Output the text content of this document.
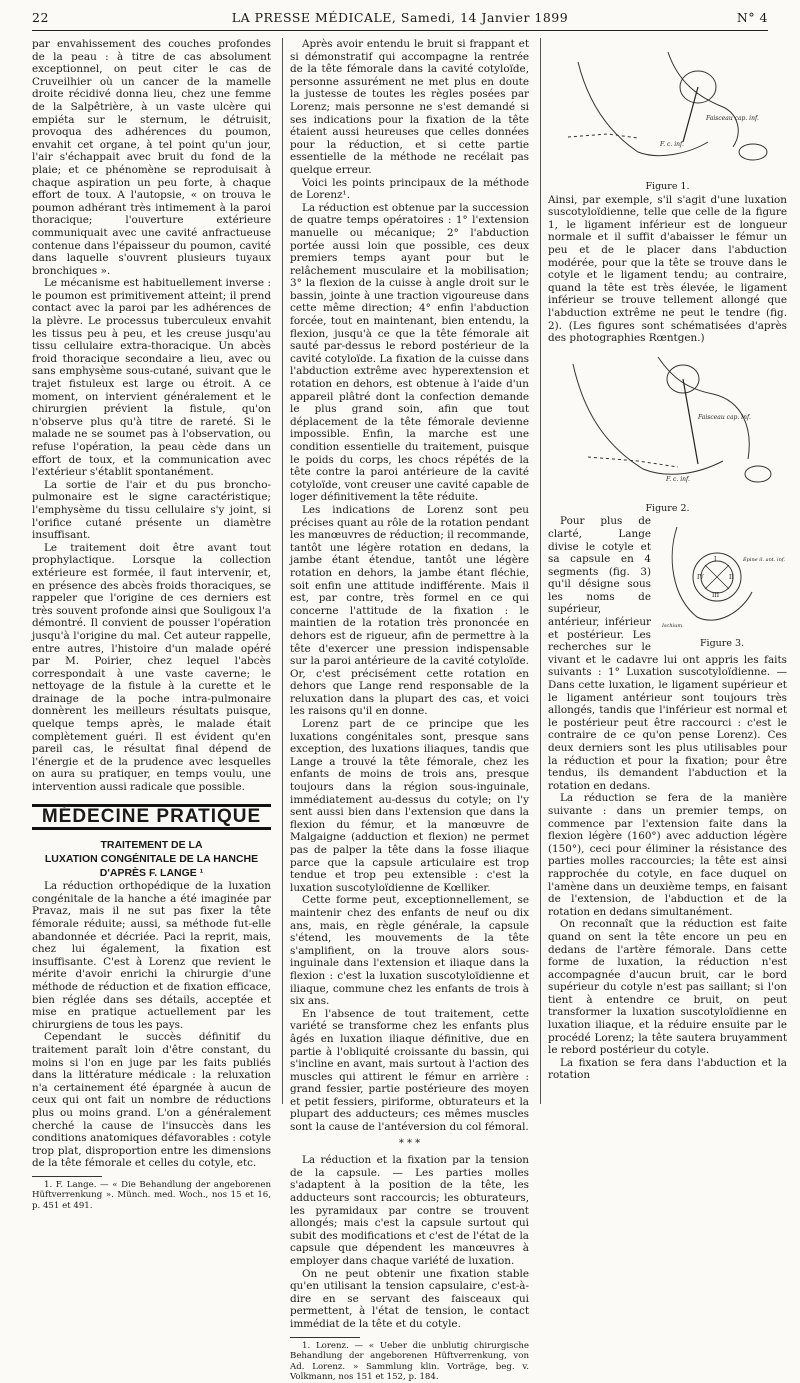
22	LA PRESSE MÉDICALE, Samedi, 14 Janvier 1899	N° 4

par envahissement des couches profondes de la peau : à titre de cas absolument exceptionnel, on peut citer le cas de Cruveilhier où un cancer de la mamelle droite récidivé donna lieu, chez une femme de la Salpêtrière, à un vaste ulcère qui empiéta sur le sternum, le détruisit, provoqua des adhérences du poumon, envahit cet organe, à tel point qu'un jour, l'air s'échappait avec bruit du fond de la plaie; et ce phénomène se reproduisait à chaque aspiration un peu forte, à chaque effort de toux. A l'autopsie, « on trouva le poumon adhérant très intimement à la paroi thoracique; l'ouverture extérieure communiquait avec une cavité anfractueuse contenue dans l'épaisseur du poumon, cavité dans laquelle s'ouvrent plusieurs tuyaux bronchiques ».

Le mécanisme est habituellement inverse : le poumon est primitivement atteint; il prend contact avec la paroi par les adhérences de la plèvre. Le processus tuberculeux envahit les tissus peu à peu, et les creuse jusqu'au tissu cellulaire extra-thoracique. Un abcès froid thoracique secondaire a lieu, avec ou sans emphysème sous-cutané, suivant que le trajet fistuleux est large ou étroit. A ce moment, on intervient généralement et le chirurgien prévient la fistule, qu'on n'observe plus qu'à titre de rareté. Si le malade ne se soumet pas à l'observation, ou refuse l'opération, la peau cède dans un effort de toux, et la communication avec l'extérieur s'établit spontanément.

La sortie de l'air et du pus broncho-pulmonaire est le signe caractéristique; l'emphysème du tissu cellulaire s'y joint, si l'orifice cutané présente un diamètre insuffisant.

Le traitement doit être avant tout prophylactique. Lorsque la collection extérieure est formée, il faut intervenir, et, en présence des abcès froids thoraciques, se rappeler que l'origine de ces derniers est très souvent profonde ainsi que Souligoux l'a démontré. Il convient de pousser l'opération jusqu'à l'origine du mal. Cet auteur rappelle, entre autres, l'histoire d'un malade opéré par M. Poirier, chez lequel l'abcès correspondait à une vaste caverne; le nettoyage de la fistule à la curette et le drainage de la poche intra-pulmonaire donnèrent les meilleurs résultats puisque, quelque temps après, le malade était complètement guéri. Il est évident qu'en pareil cas, le résultat final dépend de l'énergie et de la prudence avec lesquelles on aura su pratiquer, en temps voulu, une intervention aussi radicale que possible.

MÉDECINE PRATIQUE

TRAITEMENT DE LA
LUXATION CONGÉNITALE DE LA HANCHE
D'APRÈS F. LANGE ¹

La réduction orthopédique de la luxation congénitale de la hanche a été imaginée par Pravaz, mais il ne sut pas fixer la tête fémorale réduite; aussi, sa méthode fut-elle abandonnée et décriée. Paci la reprit, mais, chez lui également, la fixation est insuffisante. C'est à Lorenz que revient le mérite d'avoir enrichi la chirurgie d'une méthode de réduction et de fixation efficace, bien réglée dans ses détails, acceptée et mise en pratique actuellement par les chirurgiens de tous les pays.

Cependant le succès définitif du traitement paraît loin d'être constant, du moins si l'on en juge par les faits publiés dans la littérature médicale : la reluxation n'a certainement été épargnée à aucun de ceux qui ont fait un nombre de réductions plus ou moins grand. L'on a généralement cherché la cause de l'insuccès dans les conditions anatomiques défavorables : cotyle trop plat, disproportion entre les dimensions de la tête fémorale et celles du cotyle, etc.

1. F. Lange. — « Die Behandlung der angeborenen Hüftverrenkung ». Münch. med. Woch., nos 15 et 16, p. 451 et 491.

Après avoir entendu le bruit si frappant et si démonstratif qui accompagne la rentrée de la tête fémorale dans la cavité cotyloïde, personne assurément ne met plus en doute la justesse de toutes les règles posées par Lorenz; mais personne ne s'est demandé si ses indications pour la fixation de la tête étaient aussi heureuses que celles données pour la réduction, et si cette partie essentielle de la méthode ne recélait pas quelque erreur.

Voici les points principaux de la méthode de Lorenz¹.

La réduction est obtenue par la succession de quatre temps opératoires : 1° l'extension manuelle ou mécanique; 2° l'abduction portée aussi loin que possible, ces deux premiers temps ayant pour but le relâchement musculaire et la mobilisation; 3° la flexion de la cuisse à angle droit sur le bassin, jointe à une traction vigoureuse dans cette même direction; 4° enfin l'abduction forcée, tout en maintenant, bien entendu, la flexion, jusqu'à ce que la tête fémorale ait sauté par-dessus le rebord postérieur de la cavité cotyloïde. La fixation de la cuisse dans l'abduction extrême avec hyperextension et rotation en dehors, est obtenue à l'aide d'un appareil plâtré dont la confection demande le plus grand soin, afin que tout déplacement de la tête fémorale devienne impossible. Enfin, la marche est une condition essentielle du traitement, puisque le poids du corps, les chocs répétés de la tête contre la paroi antérieure de la cavité cotyloïde, vont creuser une cavité capable de loger définitivement la tête réduite.

Les indications de Lorenz sont peu précises quant au rôle de la rotation pendant les manœuvres de réduction; il recommande, tantôt une légère rotation en dedans, la jambe étant étendue, tantôt une légère rotation en dehors, la jambe étant fléchie, soit enfin une attitude indifférente. Mais il est, par contre, très formel en ce qui concerne l'attitude de la fixation : le maintien de la rotation très prononcée en dehors est de rigueur, afin de permettre à la tête d'exercer une pression indispensable sur la paroi antérieure de la cavité cotyloïde. Or, c'est précisément cette rotation en dehors que Lange rend responsable de la reluxation dans la plupart des cas, et voici les raisons qu'il en donne.

Lorenz part de ce principe que les luxations congénitales sont, presque sans exception, des luxations iliaques, tandis que Lange a trouvé la tête fémorale, chez les enfants de moins de trois ans, presque toujours dans la région sous-inguinale, immédiatement au-dessus du cotyle; on l'y sent aussi bien dans l'extension que dans la flexion du fémur, et la manœuvre de Malgaigne (adduction et flexion) ne permet pas de palper la tête dans la fosse iliaque parce que la capsule articulaire est trop tendue et trop peu extensible : c'est la luxation suscotyloïdienne de Kœlliker.

Cette forme peut, exceptionnellement, se maintenir chez des enfants de neuf ou dix ans, mais, en règle générale, la capsule s'étend, les mouvements de la tête s'amplifient, on la trouve alors sous-inguinale dans l'extension et iliaque dans la flexion : c'est la luxation suscotyloïdienne et iliaque, commune chez les enfants de trois à six ans.

En l'absence de tout traitement, cette variété se transforme chez les enfants plus âgés en luxation iliaque définitive, due en partie à l'obliquité croissante du bassin, qui s'incline en avant, mais surtout à l'action des muscles qui attirent le fémur en arrière : grand fessier, partie postérieure des moyen et petit fessiers, piriforme, obturateurs et la plupart des adducteurs; ces mêmes muscles sont la cause de l'antéversion du col fémoral.

* * *

La réduction et la fixation par la tension de la capsule. — Les parties molles s'adaptent à la position de la tête, les adducteurs sont raccourcis; les obturateurs, les pyramidaux par contre se trouvent allongés; mais c'est la capsule surtout qui subit des modifications et c'est de l'état de la capsule que dépendent les manœuvres à employer dans chaque variété de luxation.

On ne peut obtenir une fixation stable qu'en utilisant la tension capsulaire, c'est-à-dire en se servant des faisceaux qui permettent, à l'état de tension, le contact immédiat de la tête et du cotyle.

1. Lorenz. — « Ueber die unblutig chirurgische Behandlung der angeborenen Hüftverrenkung, von Ad. Lorenz. » Sammlung klin. Vorträge, beg. v. Volkmann, nos 151 et 152, p. 184.

Faisceau cap. inf.
F. c. inf.
Figure 1.

Ainsi, par exemple, s'il s'agit d'une luxation suscotyloïdienne, telle que celle de la figure 1, le ligament inférieur est de longueur normale et il suffit d'abaisser le fémur un peu et de le placer dans l'abduction modérée, pour que la tête se trouve dans le cotyle et le ligament tendu; au contraire, quand la tête est très élevée, le ligament inférieur se trouve tellement allongé que l'abduction extrême ne peut le tendre (fig. 2). (Les figures sont schématisées d'après des photographies Rœntgen.)

Faisceau cap. inf.
F. c. inf.
Figure 2.
I
II
III
IV
Épine il. ant. inf.
Ischium.
Figure 3.

Pour plus de clarté, Lange divise le cotyle et sa capsule en 4 segments (fig. 3) qu'il désigne sous les noms de supérieur, antérieur, inférieur et postérieur. Les recherches sur le vivant et le cadavre lui ont appris les faits suivants : 1° Luxation suscotyloïdienne. — Dans cette luxation, le ligament supérieur et le ligament antérieur sont toujours très allongés, tandis que l'inférieur est normal et le postérieur peut être raccourci : c'est le contraire de ce qu'on pense Lorenz). Ces deux derniers sont les plus utilisables pour la réduction et pour la fixation; pour être tendus, ils demandent l'abduction et la rotation en dedans.

La réduction se fera de la manière suivante : dans un premier temps, on commence par l'extension faite dans la flexion légère (160°) avec adduction légère (150°), ceci pour éliminer la résistance des parties molles raccourcies; la tête est ainsi rapprochée du cotyle, en face duquel on l'amène dans un deuxième temps, en faisant de l'extension, de l'abduction et de la rotation en dedans simultanément.

On reconnaît que la réduction est faite quand on sent la tête encore un peu en dedans de l'artère fémorale. Dans cette forme de luxation, la réduction n'est accompagnée d'aucun bruit, car le bord supérieur du cotyle n'est pas saillant; si l'on tient à entendre ce bruit, on peut transformer la luxation suscotyloïdienne en luxation iliaque, et la réduire ensuite par le procédé Lorenz; la tête sautera bruyamment le rebord postérieur du cotyle.

La fixation se fera dans l'abduction et la rotation
